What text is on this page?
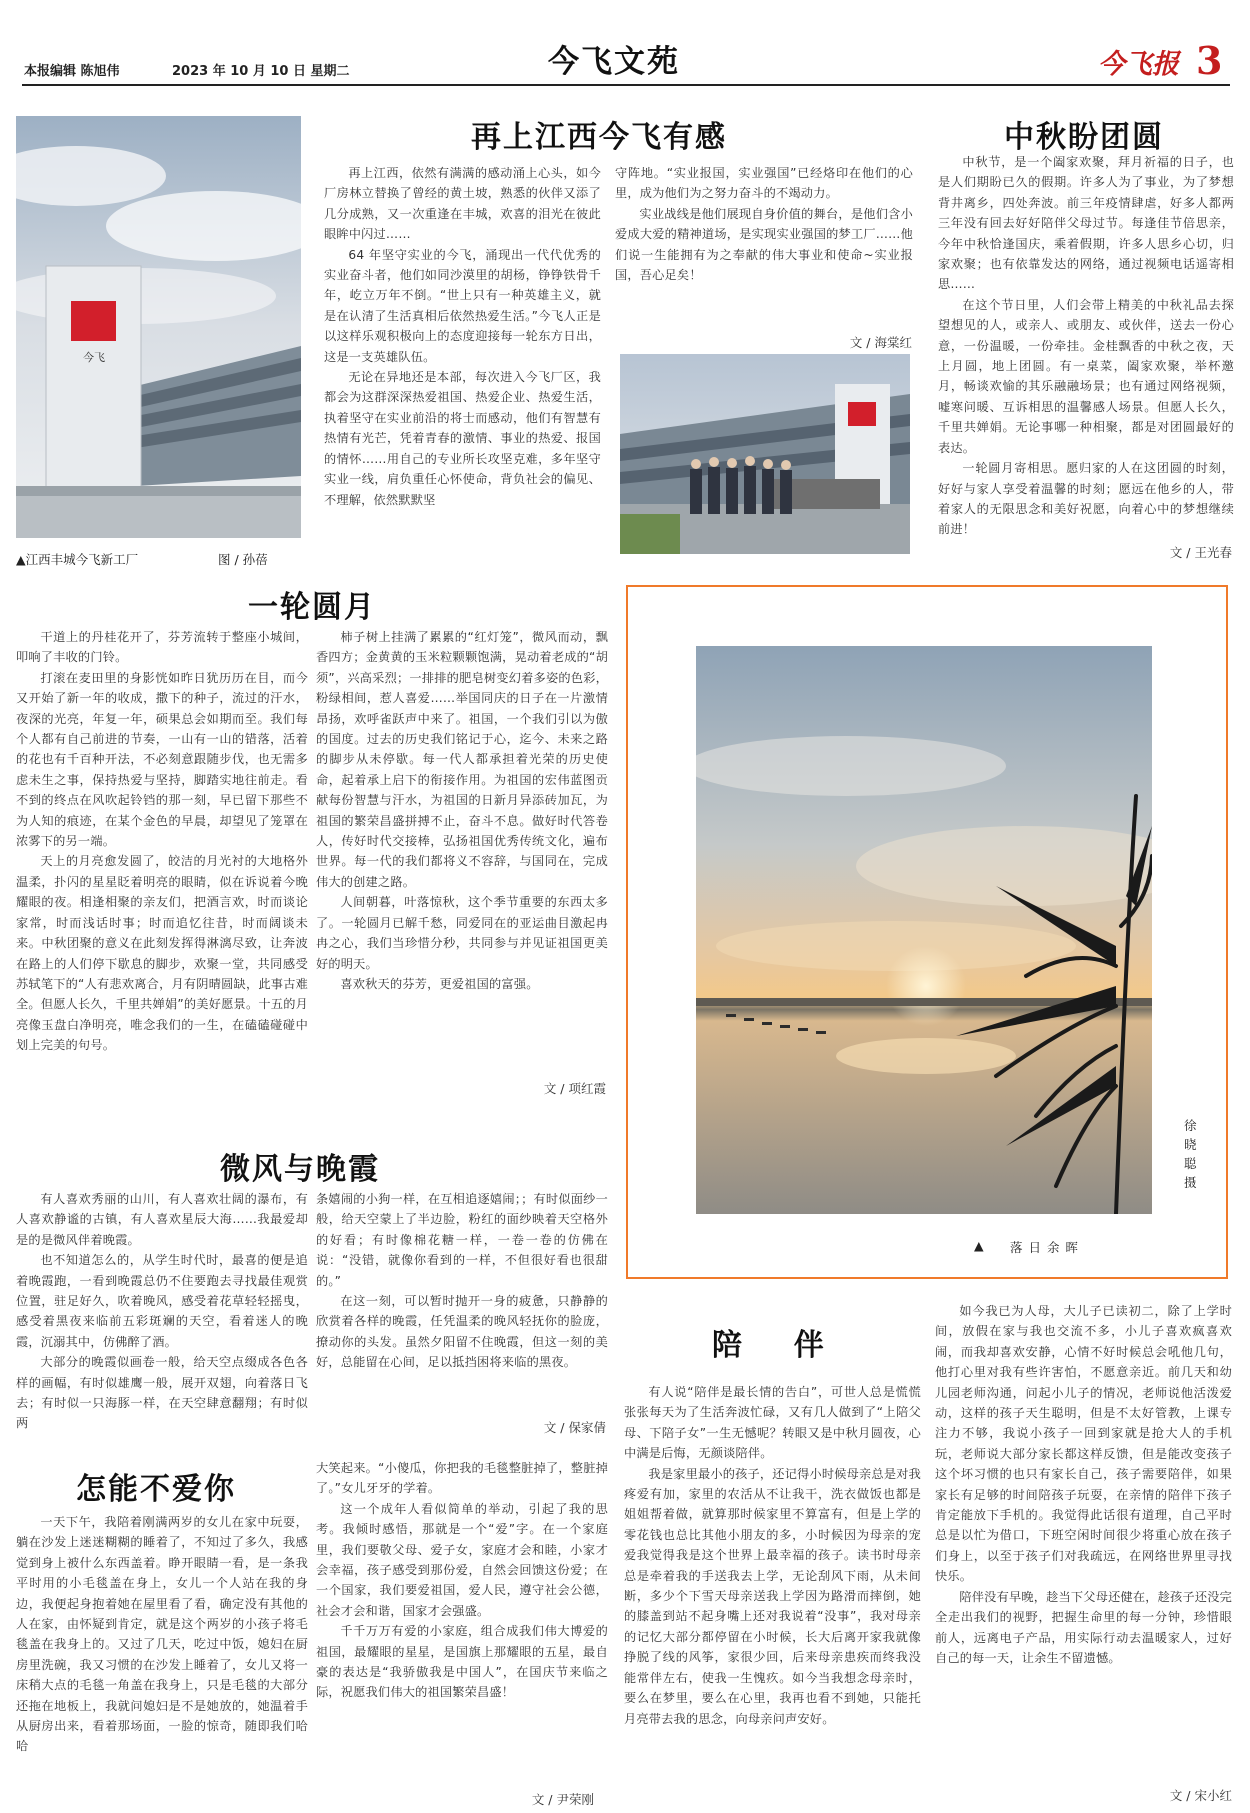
本报编辑 陈旭伟	2023 年 10 月 10 日 星期二	今飞文苑	今飞报 3
今飞
▲江西丰城今飞新工厂	图 / 孙蓓
再上江西今飞有感

再上江西，依然有满满的感动涌上心头，如今厂房林立替换了曾经的黄土坡，熟悉的伙伴又添了几分成熟，又一次重逢在丰城，欢喜的泪光在彼此眼眸中闪过……

64 年坚守实业的今飞，涌现出一代代优秀的实业奋斗者，他们如同沙漠里的胡杨，铮铮铁骨千年，屹立万年不倒。“世上只有一种英雄主义，就是在认清了生活真相后依然热爱生活。”今飞人正是以这样乐观积极向上的态度迎接每一轮东方日出，这是一支英雄队伍。

无论在异地还是本部，每次进入今飞厂区，我都会为这群深深热爱祖国、热爱企业、热爱生活，执着坚守在实业前沿的将士而感动，他们有智慧有热情有光芒，凭着青春的激情、事业的热爱、报国的情怀……用自己的专业所长攻坚克难，多年坚守实业一线，肩负重任心怀使命，背负社会的偏见、不理解，依然默默坚

守阵地。“实业报国，实业强国”已经烙印在他们的心里，成为他们为之努力奋斗的不竭动力。

实业战线是他们展现自身价值的舞台，是他们含小爱成大爱的精神道场，是实现实业强国的梦工厂……他们说一生能拥有为之奉献的伟大事业和使命~实业报国，吾心足矣！

文 / 海棠红
中秋盼团圆

中秋节，是一个阖家欢聚，拜月祈福的日子，也是人们期盼已久的假期。许多人为了事业，为了梦想背井离乡，四处奔波。前三年疫情肆虐，好多人都两三年没有回去好好陪伴父母过节。每逢佳节倍思亲，今年中秋恰逢国庆，乘着假期，许多人思乡心切，归家欢聚；也有依靠发达的网络，通过视频电话遥寄相思……

在这个节日里，人们会带上精美的中秋礼品去探望想见的人，或亲人、或朋友、或伙伴，送去一份心意，一份温暖，一份牵挂。金桂飘香的中秋之夜，天上月圆，地上团圆。有一桌菜，阖家欢聚，举杯邀月，畅谈欢愉的其乐融融场景；也有通过网络视频，嘘寒问暖、互诉相思的温馨感人场景。但愿人长久，千里共婵娟。无论事哪一种相聚，都是对团圆最好的表达。

一轮圆月寄相思。愿归家的人在这团圆的时刻，好好与家人享受着温馨的时刻；愿远在他乡的人，带着家人的无限思念和美好祝愿，向着心中的梦想继续前进！

文 / 王光春
一轮圆月

干道上的丹桂花开了，芬芳流转于整座小城间，叩响了丰收的门铃。

打滚在麦田里的身影恍如昨日犹历历在目，而今又开始了新一年的收成，撒下的种子，流过的汗水，夜深的光亮，年复一年，硕果总会如期而至。我们每个人都有自己前进的节奏，一山有一山的错落，活着的花也有千百种开法，不必刻意跟随步伐，也无需多虑未生之事，保持热爱与坚持，脚踏实地往前走。看不到的终点在风吹起铃铛的那一刻，早已留下那些不为人知的痕迹，在某个金色的早晨，却望见了笼罩在浓雾下的另一端。

天上的月亮愈发圆了，皎洁的月光衬的大地格外温柔，扑闪的星星眨着明亮的眼睛，似在诉说着今晚耀眼的夜。相逢相聚的亲友们，把酒言欢，时而谈论家常，时而浅话时事；时而追忆往昔，时而阔谈未来。中秋团聚的意义在此刻发挥得淋漓尽致，让奔波在路上的人们停下歇息的脚步，欢聚一堂，共同感受苏轼笔下的“人有悲欢离合，月有阴晴圆缺，此事古难全。但愿人长久，千里共婵娟”的美好愿景。十五的月亮像玉盘白净明亮，唯念我们的一生，在磕磕碰碰中划上完美的句号。

柿子树上挂满了累累的“红灯笼”，微风而动，飘香四方；金黄黄的玉米粒颗颗饱满，晃动着老成的“胡须”，兴高采烈；一排排的肥皂树变幻着多姿的色彩，粉绿相间，惹人喜爱……举国同庆的日子在一片激情昂扬，欢呼雀跃声中来了。祖国，一个我们引以为傲的国度。过去的历史我们铭记于心，迄今、未来之路的脚步从未停歇。每一代人都承担着光荣的历史使命，起着承上启下的衔接作用。为祖国的宏伟蓝图贡献每份智慧与汗水，为祖国的日新月异添砖加瓦，为祖国的繁荣昌盛拼搏不止，奋斗不息。做好时代答卷人，传好时代交接棒，弘扬祖国优秀传统文化，遍布世界。每一代的我们都将义不容辞，与国同在，完成伟大的创建之路。

人间朝暮，叶落惊秋，这个季节重要的东西太多了。一轮圆月已解千愁，同爱同在的亚运曲目激起冉冉之心，我们当珍惜分秒，共同参与并见证祖国更美好的明天。

喜欢秋天的芬芳，更爱祖国的富强。

文 / 项红霞
徐晓聪摄
▲ 落 日 余 晖
微风与晚霞

有人喜欢秀丽的山川，有人喜欢壮阔的瀑布，有人喜欢静谧的古镇，有人喜欢星辰大海……我最爱却是的是微风伴着晚霞。

也不知道怎么的，从学生时代时，最喜的便是追着晚霞跑，一看到晚霞总仍不住要跑去寻找最佳观赏位置，驻足好久，吹着晚风，感受着花草轻轻摇曳，感受着黑夜来临前五彩斑斓的天空，看着迷人的晚霞，沉溺其中，仿佛醉了酒。

大部分的晚霞似画卷一般，给天空点缀成各色各样的画幅，有时似雄鹰一般，展开双翅，向着落日飞去；有时似一只海豚一样，在天空肆意翻翔；有时似两

条嬉闹的小狗一样，在互相追逐嬉闹；；有时似面纱一般，给天空蒙上了半边脸，粉红的面纱映着天空格外的好看；有时像棉花糖一样，一卷一卷的仿佛在说：“没错，就像你看到的一样，不但很好看也很甜的。”

在这一刻，可以暂时抛开一身的疲惫，只静静的欣赏着各样的晚霞，任凭温柔的晚风轻抚你的脸庞，撩动你的头发。虽然夕阳留不住晚霞，但这一刻的美好，总能留在心间，足以抵挡困将来临的黑夜。

文 / 保家倩
怎能不爱你

一天下午，我陪着刚满两岁的女儿在家中玩耍，躺在沙发上迷迷糊糊的睡着了，不知过了多久，我感觉到身上被什么东西盖着。睁开眼睛一看，是一条我平时用的小毛毯盖在身上，女儿一个人站在我的身边，我便起身抱着她在屋里看了看，确定没有其他的人在家，由怀疑到肯定，就是这个两岁的小孩子将毛毯盖在我身上的。又过了几天，吃过中饭，媳妇在厨房里洗碗，我又习惯的在沙发上睡着了，女儿又将一床稍大点的毛毯一角盖在我身上，只是毛毯的大部分还拖在地板上，我就问媳妇是不是她放的，她温着手从厨房出来，看着那场面，一脸的惊奇，随即我们哈哈

大笑起来。“小傻瓜，你把我的毛毯整脏掉了，整脏掉了。”女儿牙牙的学着。

这一个成年人看似简单的举动，引起了我的思考。我倾时感悟，那就是一个“爱”字。在一个家庭里，我们要敬父母、爱子女，家庭才会和睦，小家才会幸福，孩子感受到那份爱，自然会回馈这份爱；在一个国家，我们要爱祖国，爱人民，遵守社会公德，社会才会和谐，国家才会强盛。

千千万万有爱的小家庭，组合成我们伟大博爱的祖国，最耀眼的星星，是国旗上那耀眼的五星，最自豪的表达是“我骄傲我是中国人”，在国庆节来临之际，祝愿我们伟大的祖国繁荣昌盛！

文 / 尹荣刚
陪    伴

有人说“陪伴是最长情的告白”，可世人总是慌慌张张每天为了生活奔波忙碌，又有几人做到了“上陪父母、下陪子女”一生无憾呢？转眼又是中秋月圆夜，心中满是后悔，无颜谈陪伴。

我是家里最小的孩子，还记得小时候母亲总是对我疼爱有加，家里的农活从不让我干，洗衣做饭也都是姐姐帮着做，就算那时候家里不算富有，但是上学的零花钱也总比其他小朋友的多，小时候因为母亲的宠爱我觉得我是这个世界上最幸福的孩子。读书时母亲总是牵着我的手送我去上学，无论刮风下雨，从未间断，多少个下雪天母亲送我上学因为路滑而摔倒，她的膝盖到站不起身嘴上还对我说着“没事”，我对母亲的记忆大部分都停留在小时候，长大后离开家我就像挣脱了线的风筝，家很少回，后来母亲患疾而终我没能常伴左右，使我一生愧疚。如今当我想念母亲时，要么在梦里，要么在心里，我再也看不到她，只能托月亮带去我的思念，向母亲问声安好。

如今我已为人母，大儿子已读初二，除了上学时间，放假在家与我也交流不多，小儿子喜欢疯喜欢闹，而我却喜欢安静，心情不好时候总会吼他几句，他打心里对我有些许害怕，不愿意亲近。前几天和幼儿园老师沟通，问起小儿子的情况，老师说他活泼爱动，这样的孩子天生聪明，但是不太好管教，上课专注力不够，我说小孩子一回到家就是抢大人的手机玩，老师说大部分家长都这样反馈，但是能改变孩子这个坏习惯的也只有家长自己，孩子需要陪伴，如果家长有足够的时间陪孩子玩耍，在亲情的陪伴下孩子肯定能放下手机的。我觉得此话很有道理，自己平时总是以忙为借口，下班空闲时间很少将重心放在孩子们身上，以至于孩子们对我疏远，在网络世界里寻找快乐。

陪伴没有早晚，趁当下父母还健在，趁孩子还没完全走出我们的视野，把握生命里的每一分钟，珍惜眼前人，远离电子产品，用实际行动去温暖家人，过好自己的每一天，让余生不留遗憾。

文 / 宋小红
